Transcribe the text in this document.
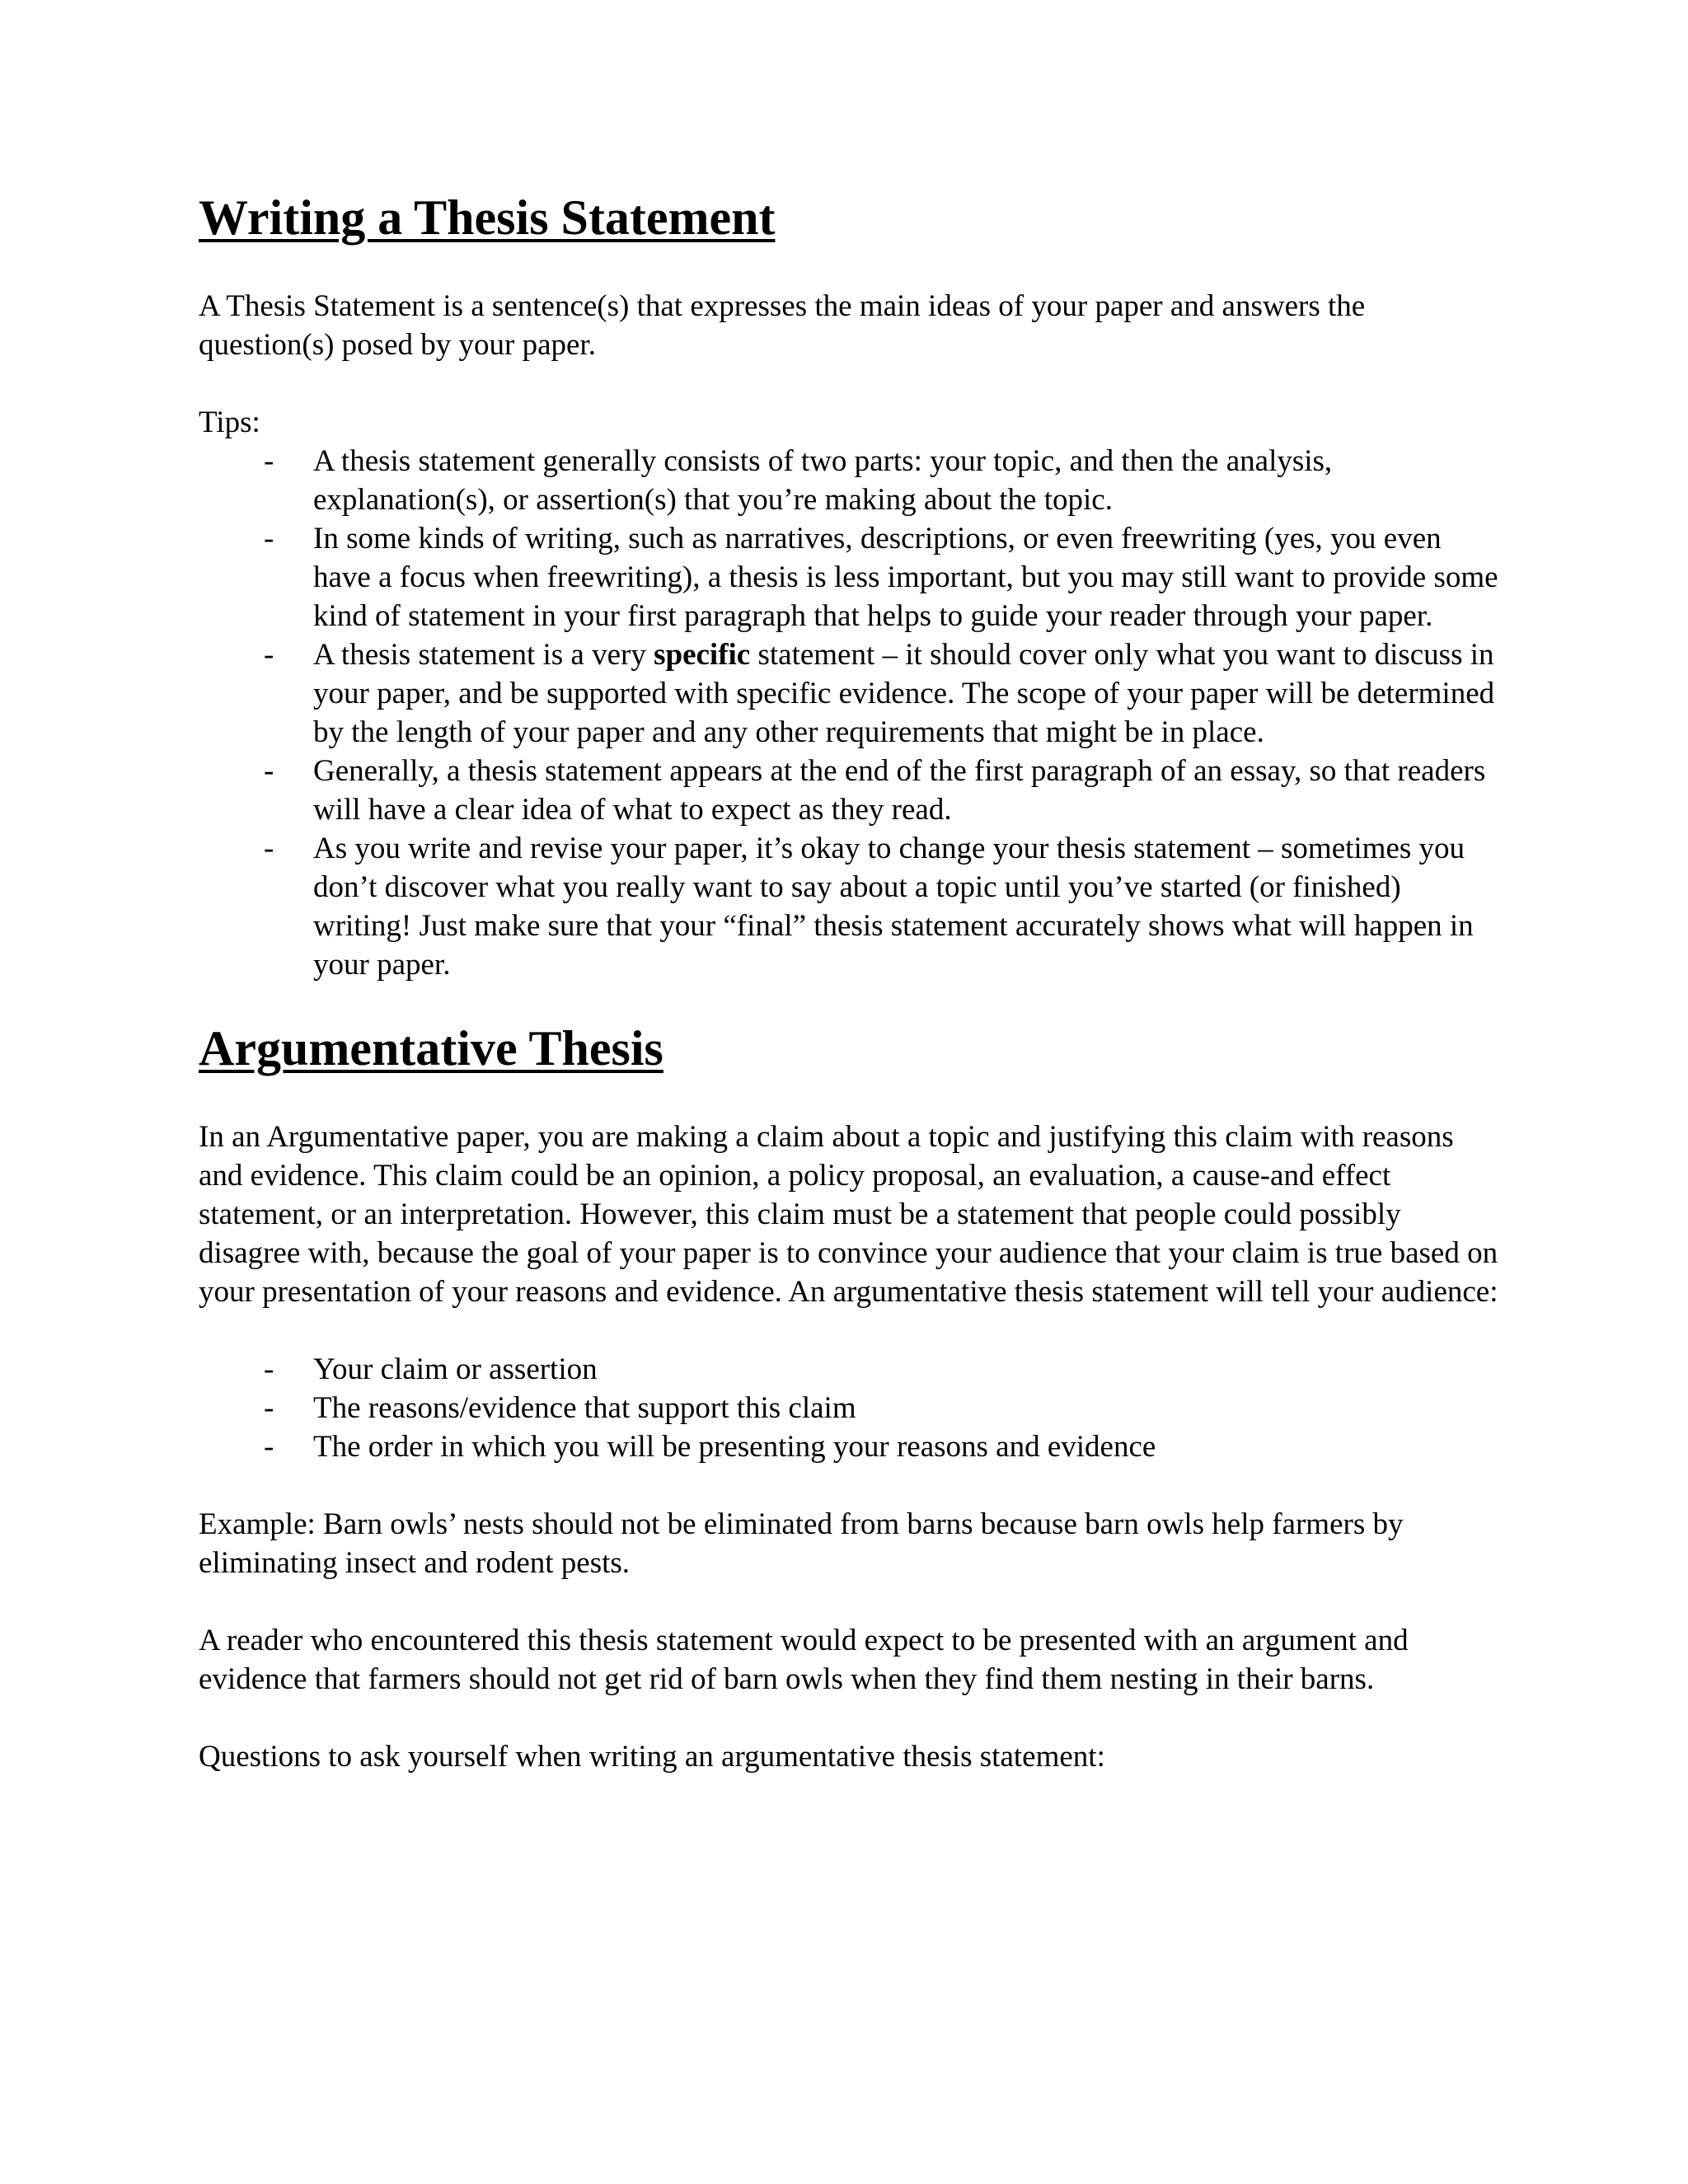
Writing a Thesis Statement

A Thesis Statement is a sentence(s) that expresses the main ideas of your paper and answers the question(s) posed by your paper.

Tips:

- A thesis statement generally consists of two parts: your topic, and then the analysis, explanation(s), or assertion(s) that you’re making about the topic.
- In some kinds of writing, such as narratives, descriptions, or even freewriting (yes, you even have a focus when freewriting), a thesis is less important, but you may still want to provide some kind of statement in your first paragraph that helps to guide your reader through your paper.
- A thesis statement is a very specific statement – it should cover only what you want to discuss in your paper, and be supported with specific evidence. The scope of your paper will be determined by the length of your paper and any other requirements that might be in place.
- Generally, a thesis statement appears at the end of the first paragraph of an essay, so that readers will have a clear idea of what to expect as they read.
- As you write and revise your paper, it’s okay to change your thesis statement – sometimes you don’t discover what you really want to say about a topic until you’ve started (or finished) writing! Just make sure that your “final” thesis statement accurately shows what will happen in your paper.
Argumentative Thesis

In an Argumentative paper, you are making a claim about a topic and justifying this claim with reasons and evidence. This claim could be an opinion, a policy proposal, an evaluation, a cause-and effect statement, or an interpretation. However, this claim must be a statement that people could possibly disagree with, because the goal of your paper is to convince your audience that your claim is true based on your presentation of your reasons and evidence. An argumentative thesis statement will tell your audience:

- Your claim or assertion
- The reasons/evidence that support this claim
- The order in which you will be presenting your reasons and evidence

Example: Barn owls’ nests should not be eliminated from barns because barn owls help farmers by eliminating insect and rodent pests.

A reader who encountered this thesis statement would expect to be presented with an argument and evidence that farmers should not get rid of barn owls when they find them nesting in their barns.

Questions to ask yourself when writing an argumentative thesis statement:
